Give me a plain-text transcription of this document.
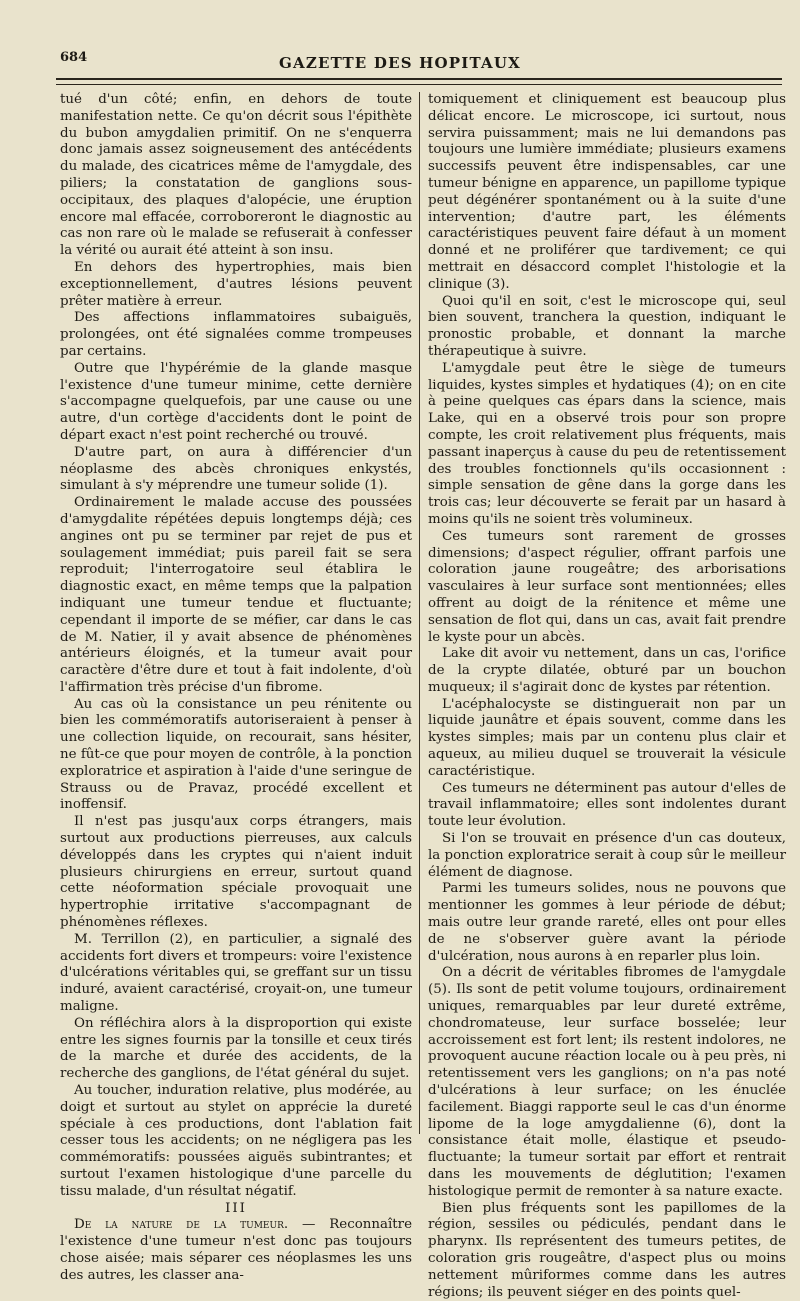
684	GAZETTE DES HOPITAUX

tué d'un côté; enfin, en dehors de toute manifestation nette. Ce qu'on décrit sous l'épithète du bubon amygdalien primitif. On ne s'enquerra donc jamais assez soigneusement des antécédents du malade, des cicatrices même de l'amygdale, des piliers; la constatation de ganglions sous-occipitaux, des plaques d'alopécie, une éruption encore mal effacée, corroboreront le diagnostic au cas non rare où le malade se refuserait à confesser la vérité ou aurait été atteint à son insu.

En dehors des hypertrophies, mais bien exceptionnellement, d'autres lésions peuvent prêter matière à erreur.

Des affections inflammatoires subaiguës, prolongées, ont été signalées comme trompeuses par certains.

Outre que l'hypérémie de la glande masque l'existence d'une tumeur minime, cette dernière s'accompagne quelquefois, par une cause ou une autre, d'un cortège d'accidents dont le point de départ exact n'est point recherché ou trouvé.

D'autre part, on aura à différencier d'un néoplasme des abcès chroniques enkystés, simulant à s'y méprendre une tumeur solide (1).

Ordinairement le malade accuse des poussées d'amygdalite répétées depuis longtemps déjà; ces angines ont pu se terminer par rejet de pus et soulagement immédiat; puis pareil fait se sera reproduit; l'interrogatoire seul établira le diagnostic exact, en même temps que la palpation indiquant une tumeur tendue et fluctuante; cependant il importe de se méfier, car dans le cas de M. Natier, il y avait absence de phénomènes antérieurs éloignés, et la tumeur avait pour caractère d'être dure et tout à fait indolente, d'où l'affirmation très précise d'un fibrome.

Au cas où la consistance un peu rénitente ou bien les commémoratifs autoriseraient à penser à une collection liquide, on recourait, sans hésiter, ne fût-ce que pour moyen de contrôle, à la ponction exploratrice et aspiration à l'aide d'une seringue de Strauss ou de Pravaz, procédé excellent et inoffensif.

Il n'est pas jusqu'aux corps étrangers, mais surtout aux productions pierreuses, aux calculs développés dans les cryptes qui n'aient induit plusieurs chirurgiens en erreur, surtout quand cette néoformation spéciale provoquait une hypertrophie irritative s'accompagnant de phénomènes réflexes.

M. Terrillon (2), en particulier, a signalé des accidents fort divers et trompeurs: voire l'existence d'ulcérations véritables qui, se greffant sur un tissu induré, avaient caractérisé, croyait-on, une tumeur maligne.

On réfléchira alors à la disproportion qui existe entre les signes fournis par la tonsille et ceux tirés de la marche et durée des accidents, de la recherche des ganglions, de l'état général du sujet.

Au toucher, induration relative, plus modérée, au doigt et surtout au stylet on apprécie la dureté spéciale à ces productions, dont l'ablation fait cesser tous les accidents; on ne négligera pas les commémoratifs: poussées aiguës subintrantes; et surtout l'examen histologique d'une parcelle du tissu malade, d'un résultat négatif.

III

De la nature de la tumeur. — Reconnaître l'existence d'une tumeur n'est donc pas toujours chose aisée; mais séparer ces néoplasmes les uns des autres, les classer ana-

tomiquement et cliniquement est beaucoup plus délicat encore. Le microscope, ici surtout, nous servira puissamment; mais ne lui demandons pas toujours une lumière immédiate; plusieurs examens successifs peuvent être indispensables, car une tumeur bénigne en apparence, un papillome typique peut dégénérer spontanément ou à la suite d'une intervention; d'autre part, les éléments caractéristiques peuvent faire défaut à un moment donné et ne proliférer que tardivement; ce qui mettrait en désaccord complet l'histologie et la clinique (3).

Quoi qu'il en soit, c'est le microscope qui, seul bien souvent, tranchera la question, indiquant le pronostic probable, et donnant la marche thérapeutique à suivre.

L'amygdale peut être le siège de tumeurs liquides, kystes simples et hydatiques (4); on en cite à peine quelques cas épars dans la science, mais Lake, qui en a observé trois pour son propre compte, les croit relativement plus fréquents, mais passant inaperçus à cause du peu de retentissement des troubles fonctionnels qu'ils occasionnent : simple sensation de gêne dans la gorge dans les trois cas; leur découverte se ferait par un hasard à moins qu'ils ne soient très volumineux.

Ces tumeurs sont rarement de grosses dimensions; d'aspect régulier, offrant parfois une coloration jaune rougeâtre; des arborisations vasculaires à leur surface sont mentionnées; elles offrent au doigt de la rénitence et même une sensation de flot qui, dans un cas, avait fait prendre le kyste pour un abcès.

Lake dit avoir vu nettement, dans un cas, l'orifice de la crypte dilatée, obturé par un bouchon muqueux; il s'agirait donc de kystes par rétention.

L'acéphalocyste se distinguerait non par un liquide jaunâtre et épais souvent, comme dans les kystes simples; mais par un contenu plus clair et aqueux, au milieu duquel se trouverait la vésicule caractéristique.

Ces tumeurs ne déterminent pas autour d'elles de travail inflammatoire; elles sont indolentes durant toute leur évolution.

Si l'on se trouvait en présence d'un cas douteux, la ponction exploratrice serait à coup sûr le meilleur élément de diagnose.

Parmi les tumeurs solides, nous ne pouvons que mentionner les gommes à leur période de début; mais outre leur grande rareté, elles ont pour elles de ne s'observer guère avant la période d'ulcération, nous aurons à en reparler plus loin.

On a décrit de véritables fibromes de l'amygdale (5). Ils sont de petit volume toujours, ordinairement uniques, remarquables par leur dureté extrême, chondromateuse, leur surface bosselée; leur accroissement est fort lent; ils restent indolores, ne provoquent aucune réaction locale ou à peu près, ni retentissement vers les ganglions; on n'a pas noté d'ulcérations à leur surface; on les énuclée facilement. Biaggi rapporte seul le cas d'un énorme lipome de la loge amygdalienne (6), dont la consistance était molle, élastique et pseudo-fluctuante; la tumeur sortait par effort et rentrait dans les mouvements de déglutition; l'examen histologique permit de remonter à sa nature exacte.

Bien plus fréquents sont les papillomes de la région, sessiles ou pédiculés, pendant dans le pharynx. Ils représentent des tumeurs petites, de coloration gris rougeâtre, d'aspect plus ou moins nettement mûriformes comme dans les autres régions; ils peuvent siéger en des points quel-
